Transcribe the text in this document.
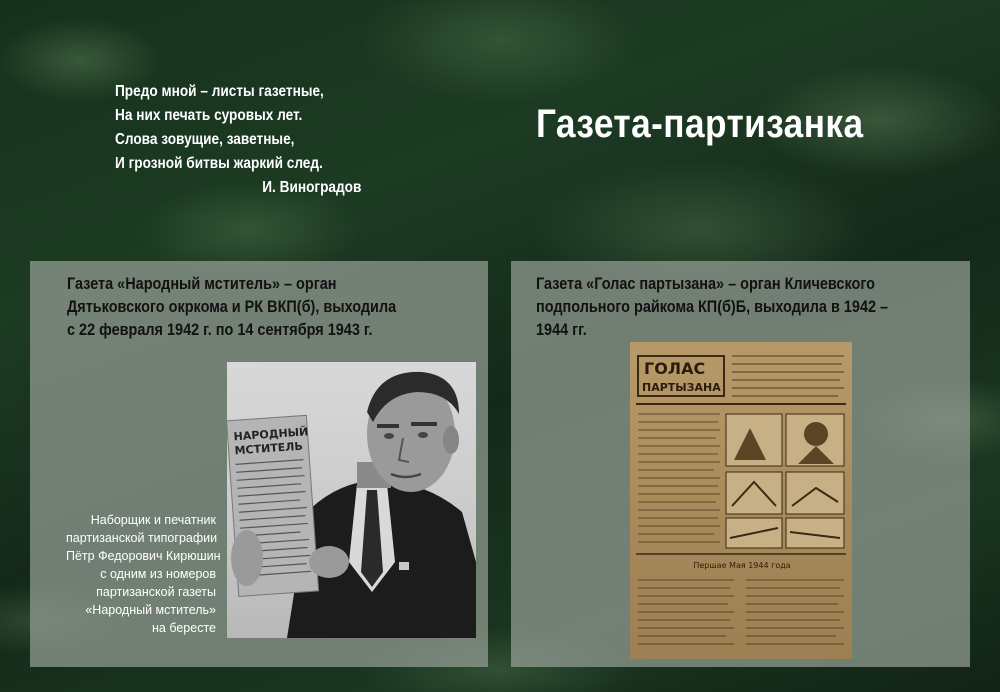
Предо мной – листы газетные,
На них печать суровых лет.
Слова зовущие, заветные,
И грозной битвы жаркий след.
И. Виноградов
Газета-партизанка
Газета «Народный мститель» – орган
Дятьковского окркома и РК ВКП(б), выходила
с 22 февраля 1942 г. по 14 сентября 1943 г.
Наборщик и печатник
партизанской типографии
Пётр Федорович Кирюшин
с одним из номеров
партизанской газеты
«Народный мститель»
на бересте
НАРОДНЫЙ
МСТИТЕЛЬ
Газета «Голас партызана» – орган Кличевского
подпольного райкома КП(б)Б, выходила в 1942 –
1944 гг.
ГОЛАС
ПАРТЫЗАНА
Першае Мая 1944 года
